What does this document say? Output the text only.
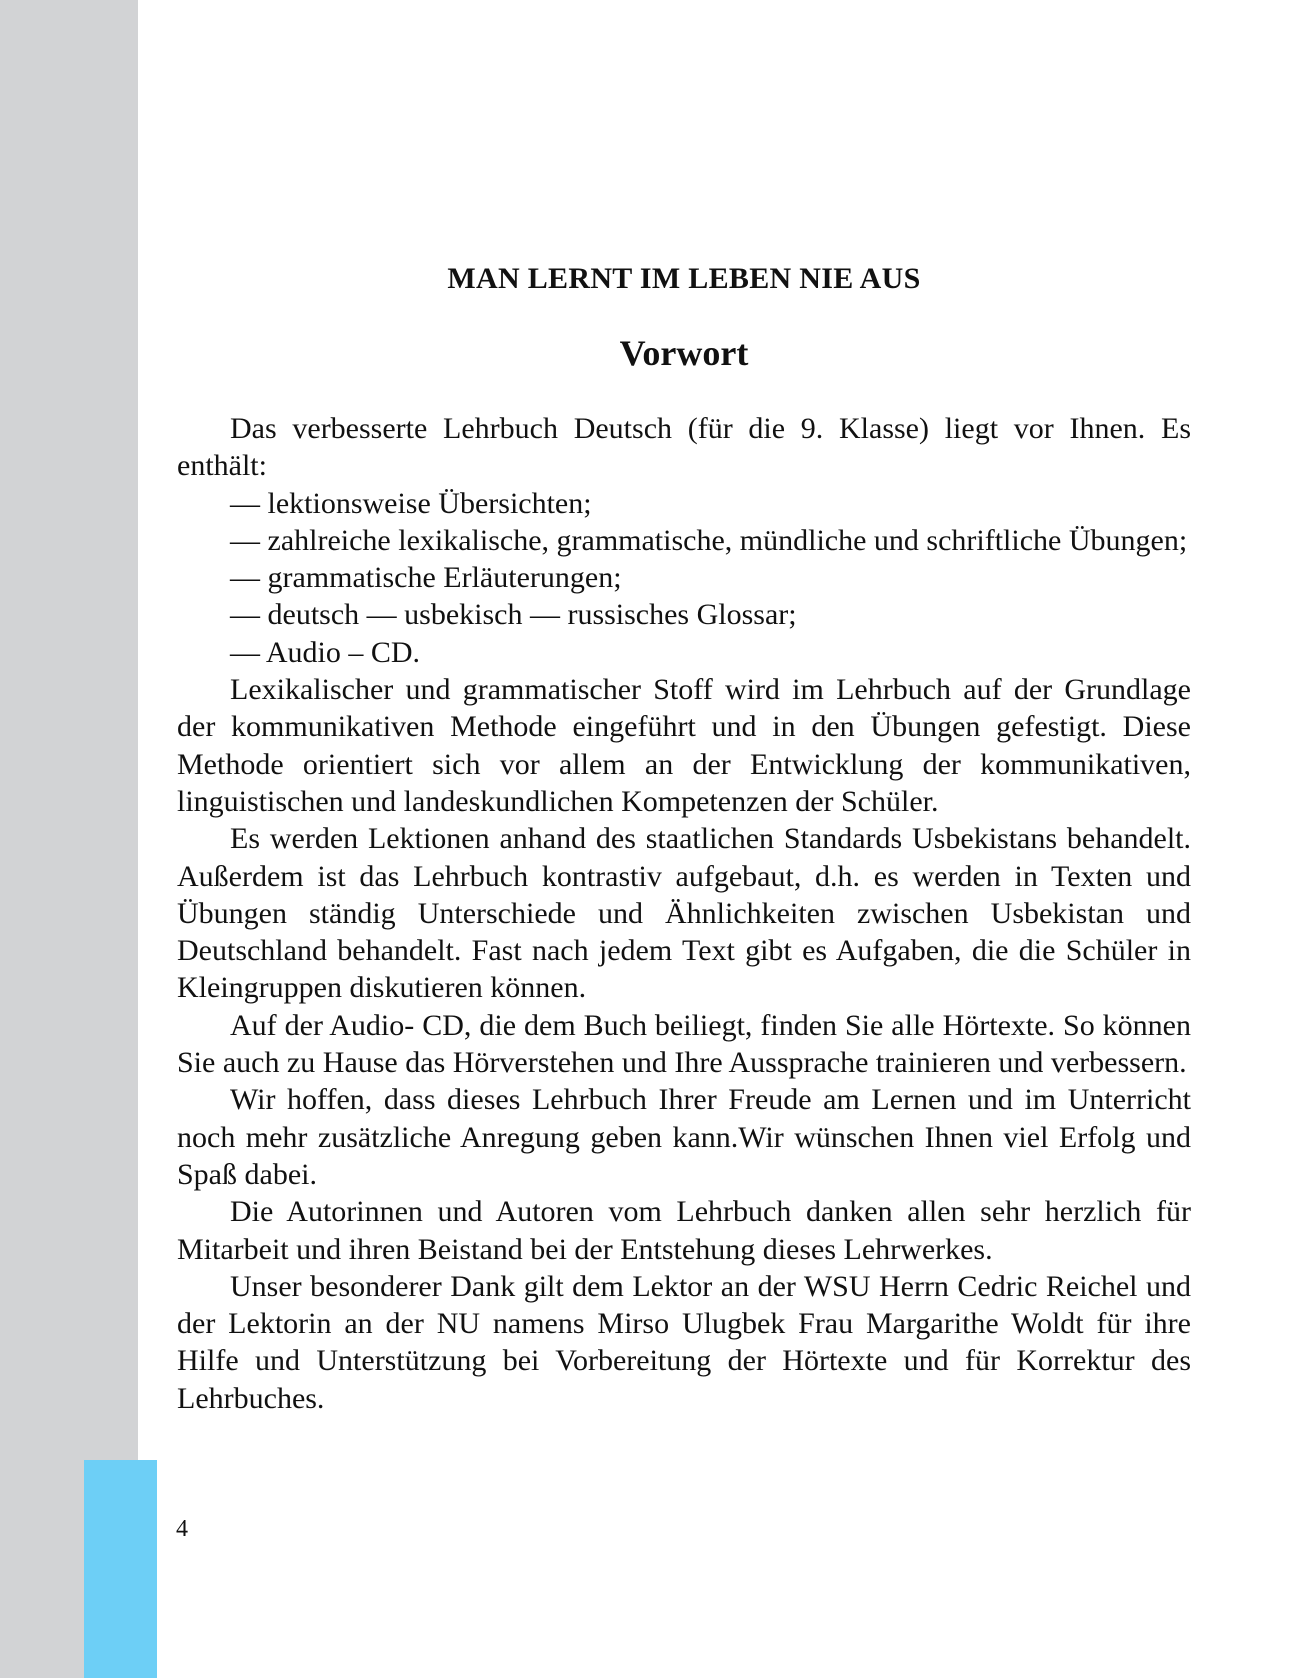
MAN LERNT IM LEBEN NIE AUS
Vorwort

Das verbesserte Lehrbuch Deutsch (für die 9. Klasse) liegt vor Ihnen. Es enthält:

— lektionsweise Übersichten;
— zahlreiche lexikalische, grammatische, mündliche und schriftliche Übungen;
— grammatische Erläuterungen;
— deutsch — usbekisch — russisches Glossar;
— Audio – CD.

Lexikalischer und grammatischer Stoff wird im Lehrbuch auf der Grundlage der kommunikativen Methode eingeführt und in den Übungen gefestigt. Diese Methode orientiert sich vor allem an der Entwicklung der kommunikativen, linguistischen und landeskundlichen Kompetenzen der Schüler.

Es werden Lektionen anhand des staatlichen Standards Usbekistans behandelt. Außerdem ist das Lehrbuch kontrastiv aufgebaut, d.h. es werden in Texten und Übungen ständig Unterschiede und Ähnlichkeiten zwischen Usbekistan und Deutschland behandelt. Fast nach jedem Text gibt es Aufgaben, die die Schüler in Kleingruppen diskutieren können.

Auf der Audio- CD, die dem Buch beiliegt, finden Sie alle Hörtexte. So können Sie auch zu Hause das Hörverstehen und Ihre Aussprache trainieren und verbessern.

Wir hoffen, dass dieses Lehrbuch Ihrer Freude am Lernen und im Unterricht noch mehr zusätzliche Anregung geben kann.Wir wünschen Ihnen viel Erfolg und Spaß dabei.

Die Autorinnen und Autoren vom Lehrbuch danken allen sehr herzlich für Mitarbeit und ihren Beistand bei der Entstehung dieses Lehrwerkes.

Unser besonderer Dank gilt dem Lektor an der WSU Herrn Cedric Reichel und der Lektorin an der NU namens Mirso Ulugbek Frau Margarithe Woldt für ihre Hilfe und Unterstützung bei Vorbereitung der Hörtexte und für Korrektur des Lehrbuches.

4
